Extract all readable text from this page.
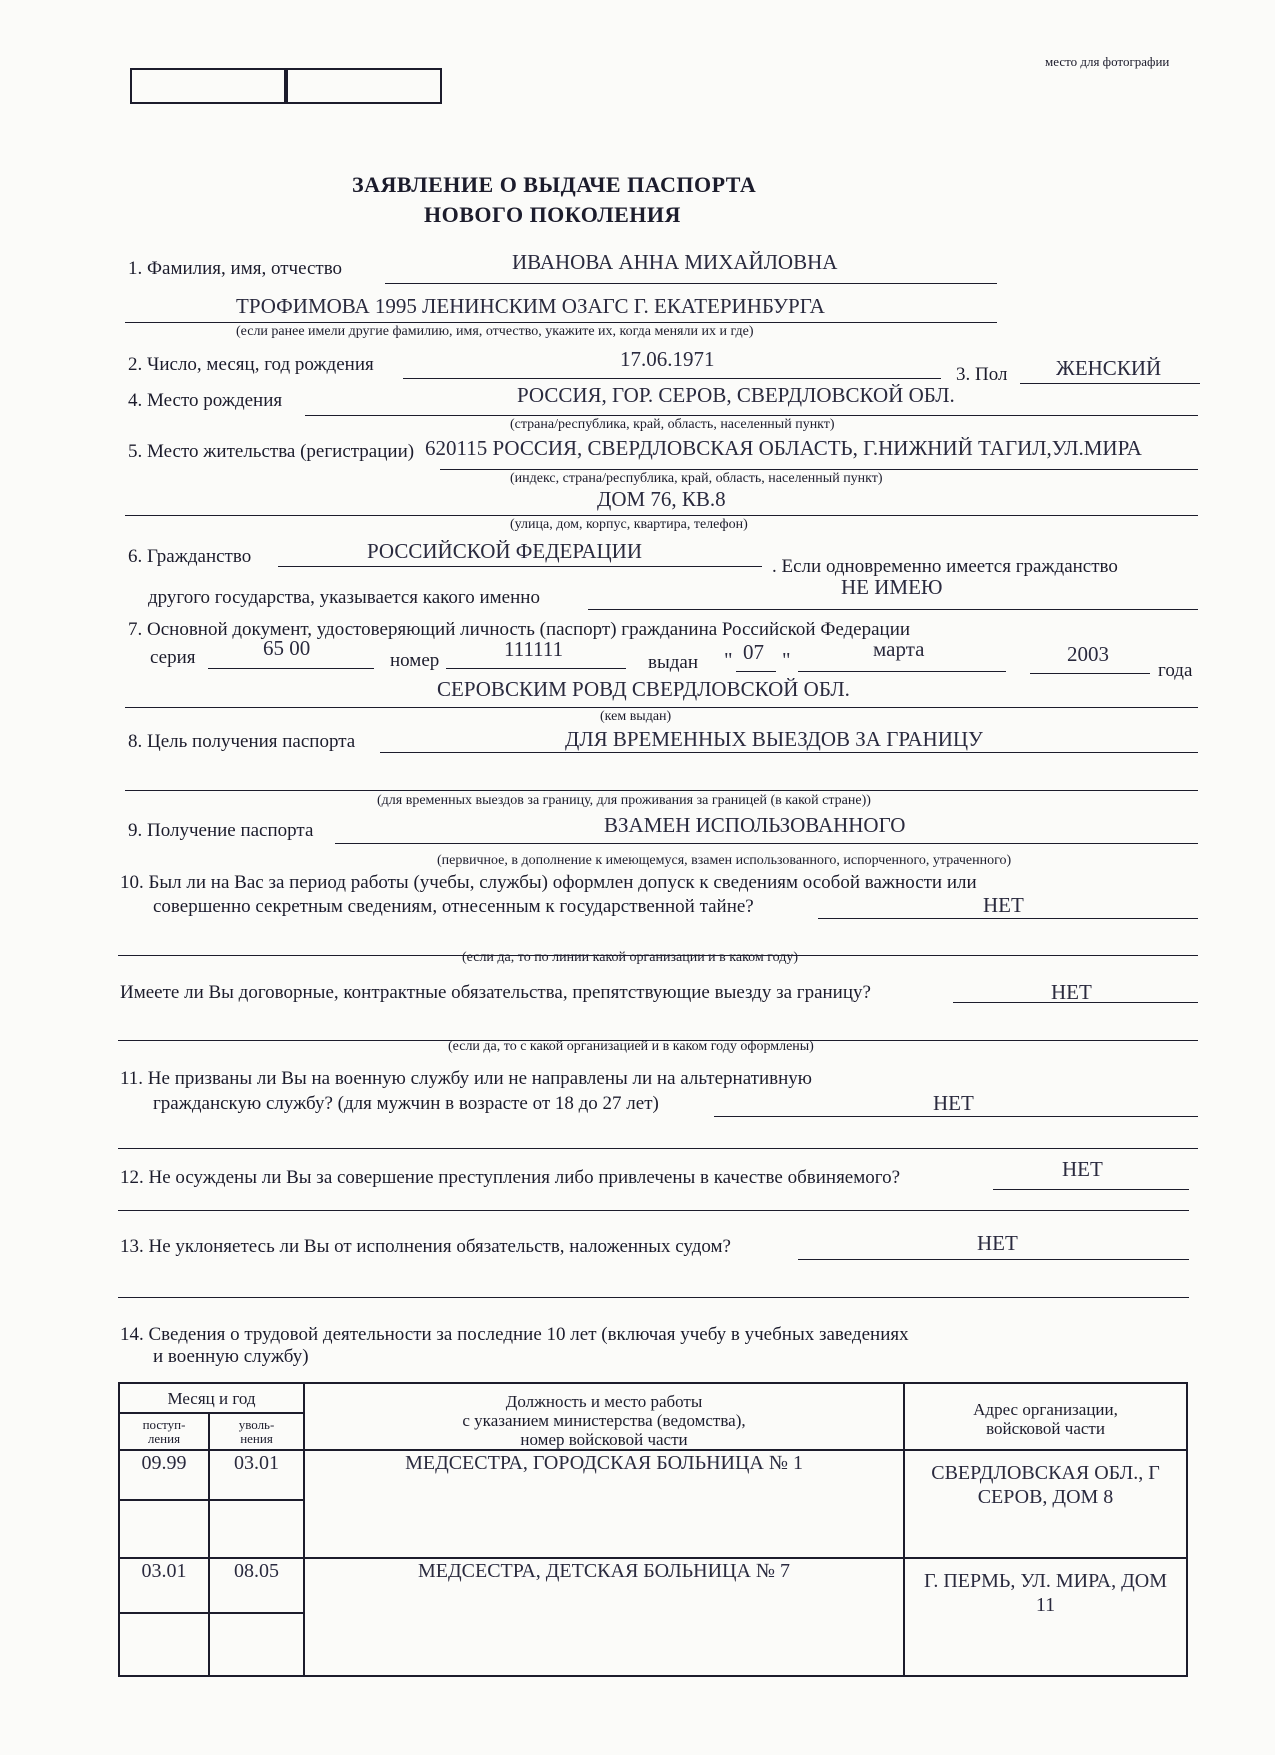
место для фотографии
ЗАЯВЛЕНИЕ О ВЫДАЧЕ ПАСПОРТА
НОВОГО ПОКОЛЕНИЯ
1. Фамилия, имя, отчество	ИВАНОВА АННА МИХАЙЛОВНА
ТРОФИМОВА 1995 ЛЕНИНСКИМ ОЗАГС Г. ЕКАТЕРИНБУРГА
(если ранее имели другие фамилию, имя, отчество, укажите их, когда меняли их и где)
2. Число, месяц, год рождения	17.06.1971
3. Пол ЖЕНСКИЙ
4. Место рождения	РОССИЯ, ГОР. СЕРОВ, СВЕРДЛОВСКОЙ ОБЛ.
(страна/республика, край, область, населенный пункт)
5. Место жительства (регистрации) 620115 РОССИЯ, СВЕРДЛОВСКАЯ ОБЛАСТЬ, Г.НИЖНИЙ ТАГИЛ,УЛ.МИРА
(индекс, страна/республика, край, область, населенный пункт)
ДОМ 76, КВ.8
(улица, дом, корпус, квартира, телефон)
6. Гражданство	РОССИЙСКОЙ ФЕДЕРАЦИИ
. Если одновременно имеется гражданство
другого государства, указывается какого именно	НЕ ИМЕЮ
7. Основной документ, удостоверяющий личность (паспорт) гражданина Российской Федерации
серия	65 00
номер	111111
выдан " 07 "	марта	2003
года
СЕРОВСКИМ РОВД СВЕРДЛОВСКОЙ ОБЛ.
(кем выдан)
8. Цель получения паспорта	ДЛЯ ВРЕМЕННЫХ ВЫЕЗДОВ ЗА ГРАНИЦУ
(для временных выездов за границу, для проживания за границей (в какой стране))
9. Получение паспорта	ВЗАМЕН ИСПОЛЬЗОВАННОГО
(первичное, в дополнение к имеющемуся, взамен использованного, испорченного, утраченного)
10. Был ли на Вас за период работы (учебы, службы) оформлен допуск к сведениям особой важности или
совершенно секретным сведениям, отнесенным к государственной тайне?	НЕТ
(если да, то по линии какой организации и в каком году)
Имеете ли Вы договорные, контрактные обязательства, препятствующие выезду за границу?	НЕТ
(если да, то с какой организацией и в каком году оформлены)
11. Не призваны ли Вы на военную службу или не направлены ли на альтернативную
гражданскую службу? (для мужчин в возрасте от 18 до 27 лет)	НЕТ
12. Не осуждены ли Вы за совершение преступления либо привлечены в качестве обвиняемого?	НЕТ
13. Не уклоняетесь ли Вы от исполнения обязательств, наложенных судом?	НЕТ
14. Сведения о трудовой деятельности за последние 10 лет (включая учебу в учебных заведениях
и военную службу)
Месяц и год		Должность и место работы
с указанием министерства (ведомства),
номер войсковой части	Адрес организации,
войсковой части
поступ-
ления	уволь-
нения		
09.99	03.01	МЕДСЕСТРА, ГОРОДСКАЯ БОЛЬНИЦА № 1	СВЕРДЛОВСКАЯ ОБЛ., Г
СЕРОВ, ДОМ 8

03.01	08.05	МЕДСЕСТРА, ДЕТСКАЯ БОЛЬНИЦА № 7	Г. ПЕРМЬ, УЛ. МИРА, ДОМ
11
